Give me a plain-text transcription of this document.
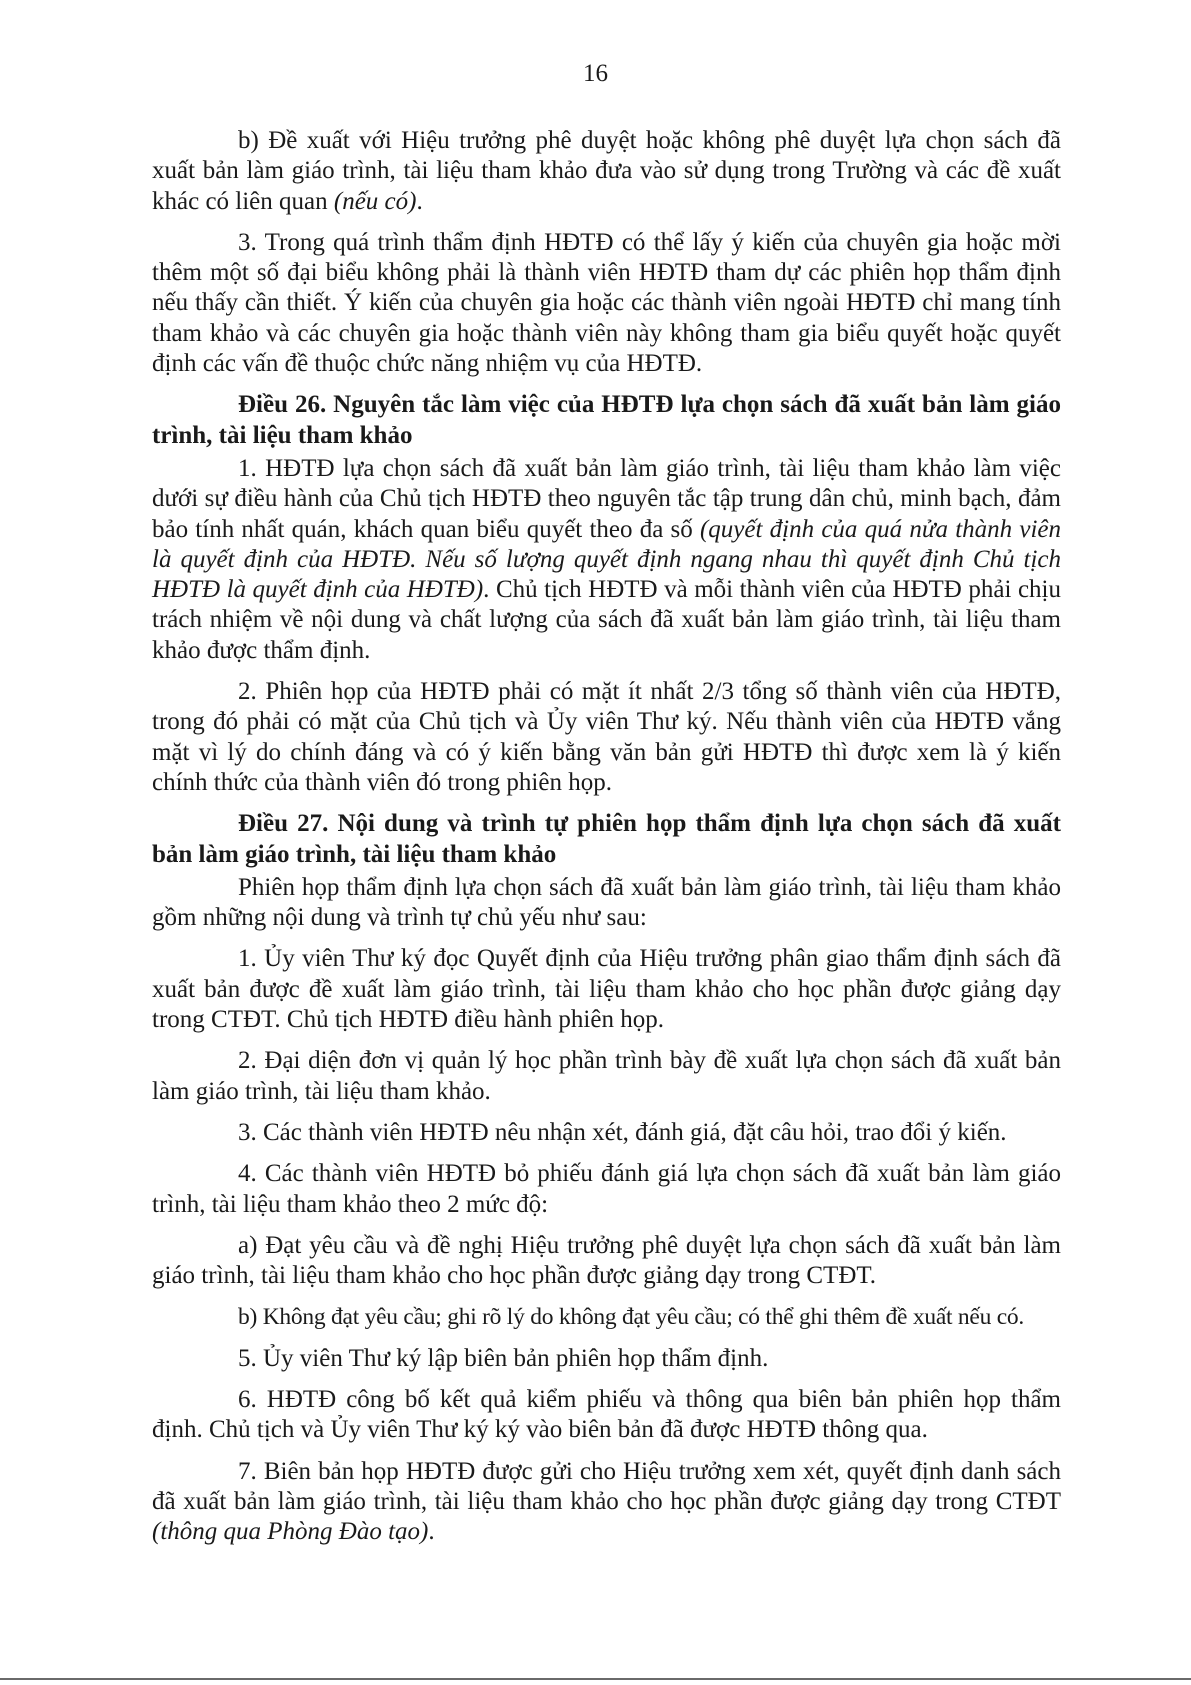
16

b) Đề xuất với Hiệu trưởng phê duyệt hoặc không phê duyệt lựa chọn sách đã xuất bản làm giáo trình, tài liệu tham khảo đưa vào sử dụng trong Trường và các đề xuất khác có liên quan (nếu có).

3. Trong quá trình thẩm định HĐTĐ có thể lấy ý kiến của chuyên gia hoặc mời thêm một số đại biểu không phải là thành viên HĐTĐ tham dự các phiên họp thẩm định nếu thấy cần thiết. Ý kiến của chuyên gia hoặc các thành viên ngoài HĐTĐ chỉ mang tính tham khảo và các chuyên gia hoặc thành viên này không tham gia biểu quyết hoặc quyết định các vấn đề thuộc chức năng nhiệm vụ của HĐTĐ.

Điều 26. Nguyên tắc làm việc của HĐTĐ lựa chọn sách đã xuất bản làm giáo trình, tài liệu tham khảo

1. HĐTĐ lựa chọn sách đã xuất bản làm giáo trình, tài liệu tham khảo làm việc dưới sự điều hành của Chủ tịch HĐTĐ theo nguyên tắc tập trung dân chủ, minh bạch, đảm bảo tính nhất quán, khách quan biểu quyết theo đa số (quyết định của quá nửa thành viên là quyết định của HĐTĐ. Nếu số lượng quyết định ngang nhau thì quyết định Chủ tịch HĐTĐ là quyết định của HĐTĐ). Chủ tịch HĐTĐ và mỗi thành viên của HĐTĐ phải chịu trách nhiệm về nội dung và chất lượng của sách đã xuất bản làm giáo trình, tài liệu tham khảo được thẩm định.

2. Phiên họp của HĐTĐ phải có mặt ít nhất 2/3 tổng số thành viên của HĐTĐ, trong đó phải có mặt của Chủ tịch và Ủy viên Thư ký. Nếu thành viên của HĐTĐ vắng mặt vì lý do chính đáng và có ý kiến bằng văn bản gửi HĐTĐ thì được xem là ý kiến chính thức của thành viên đó trong phiên họp.

Điều 27. Nội dung và trình tự phiên họp thẩm định lựa chọn sách đã xuất bản làm giáo trình, tài liệu tham khảo

Phiên họp thẩm định lựa chọn sách đã xuất bản làm giáo trình, tài liệu tham khảo gồm những nội dung và trình tự chủ yếu như sau:

1. Ủy viên Thư ký đọc Quyết định của Hiệu trưởng phân giao thẩm định sách đã xuất bản được đề xuất làm giáo trình, tài liệu tham khảo cho học phần được giảng dạy trong CTĐT. Chủ tịch HĐTĐ điều hành phiên họp.

2. Đại diện đơn vị quản lý học phần trình bày đề xuất lựa chọn sách đã xuất bản làm giáo trình, tài liệu tham khảo.

3. Các thành viên HĐTĐ nêu nhận xét, đánh giá, đặt câu hỏi, trao đổi ý kiến.

4. Các thành viên HĐTĐ bỏ phiếu đánh giá lựa chọn sách đã xuất bản làm giáo trình, tài liệu tham khảo theo 2 mức độ:

a) Đạt yêu cầu và đề nghị Hiệu trưởng phê duyệt lựa chọn sách đã xuất bản làm giáo trình, tài liệu tham khảo cho học phần được giảng dạy trong CTĐT.

b) Không đạt yêu cầu; ghi rõ lý do không đạt yêu cầu; có thể ghi thêm đề xuất nếu có.

5. Ủy viên Thư ký lập biên bản phiên họp thẩm định.

6. HĐTĐ công bố kết quả kiểm phiếu và thông qua biên bản phiên họp thẩm định. Chủ tịch và Ủy viên Thư ký ký vào biên bản đã được HĐTĐ thông qua.

7. Biên bản họp HĐTĐ được gửi cho Hiệu trưởng xem xét, quyết định danh sách đã xuất bản làm giáo trình, tài liệu tham khảo cho học phần được giảng dạy trong CTĐT (thông qua Phòng Đào tạo).
